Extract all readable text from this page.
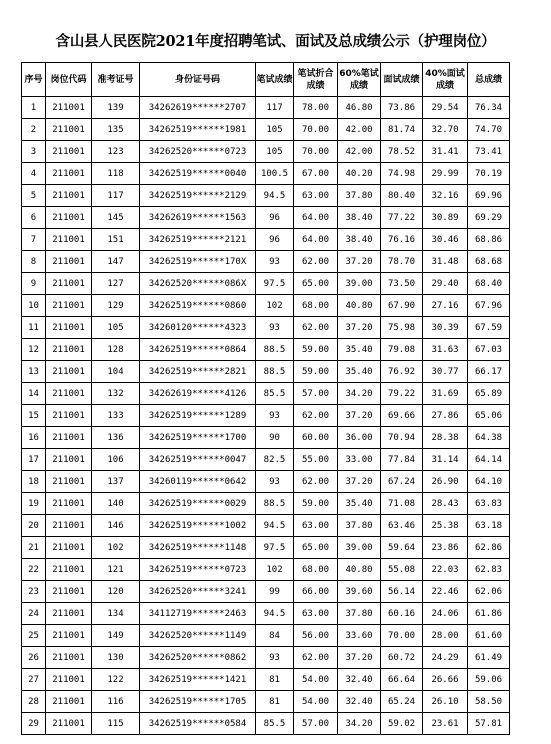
含山县人民医院2021年度招聘笔试、面试及总成绩公示（护理岗位）
序号	岗位代码	准考证号	身份证号码	笔试成绩	笔试折合成绩	60%笔试成绩	面试成绩	40%面试成绩	总成绩
1	211001	139	34262619******2707	117	78.00	46.80	73.86	29.54	76.34
2	211001	135	34262519******1981	105	70.00	42.00	81.74	32.70	74.70
3	211001	123	34262520******0723	105	70.00	42.00	78.52	31.41	73.41
4	211001	118	34262519******0040	100.5	67.00	40.20	74.98	29.99	70.19
5	211001	117	34262519******2129	94.5	63.00	37.80	80.40	32.16	69.96
6	211001	145	34262619******1563	96	64.00	38.40	77.22	30.89	69.29
7	211001	151	34262519******2121	96	64.00	38.40	76.16	30.46	68.86
8	211001	147	34262519******170X	93	62.00	37.20	78.70	31.48	68.68
9	211001	127	34262520******086X	97.5	65.00	39.00	73.50	29.40	68.40
10	211001	129	34262519******0860	102	68.00	40.80	67.90	27.16	67.96
11	211001	105	34260120******4323	93	62.00	37.20	75.98	30.39	67.59
12	211001	128	34262519******0864	88.5	59.00	35.40	79.08	31.63	67.03
13	211001	104	34262519******2821	88.5	59.00	35.40	76.92	30.77	66.17
14	211001	132	34262619******4126	85.5	57.00	34.20	79.22	31.69	65.89
15	211001	133	34262519******1289	93	62.00	37.20	69.66	27.86	65.06
16	211001	136	34262519******1700	90	60.00	36.00	70.94	28.38	64.38
17	211001	106	34262519******0047	82.5	55.00	33.00	77.84	31.14	64.14
18	211001	137	34260119******0642	93	62.00	37.20	67.24	26.90	64.10
19	211001	140	34262519******0029	88.5	59.00	35.40	71.08	28.43	63.83
20	211001	146	34262519******1002	94.5	63.00	37.80	63.46	25.38	63.18
21	211001	102	34262519******1148	97.5	65.00	39.00	59.64	23.86	62.86
22	211001	121	34262519******0723	102	68.00	40.80	55.08	22.03	62.83
23	211001	120	34262520******3241	99	66.00	39.60	56.14	22.46	62.06
24	211001	134	34112719******2463	94.5	63.00	37.80	60.16	24.06	61.86
25	211001	149	34262520******1149	84	56.00	33.60	70.00	28.00	61.60
26	211001	130	34262520******0862	93	62.00	37.20	60.72	24.29	61.49
27	211001	122	34262519******1421	81	54.00	32.40	66.64	26.66	59.06
28	211001	116	34262519******1705	81	54.00	32.40	65.24	26.10	58.50
29	211001	115	34262519******0584	85.5	57.00	34.20	59.02	23.61	57.81
